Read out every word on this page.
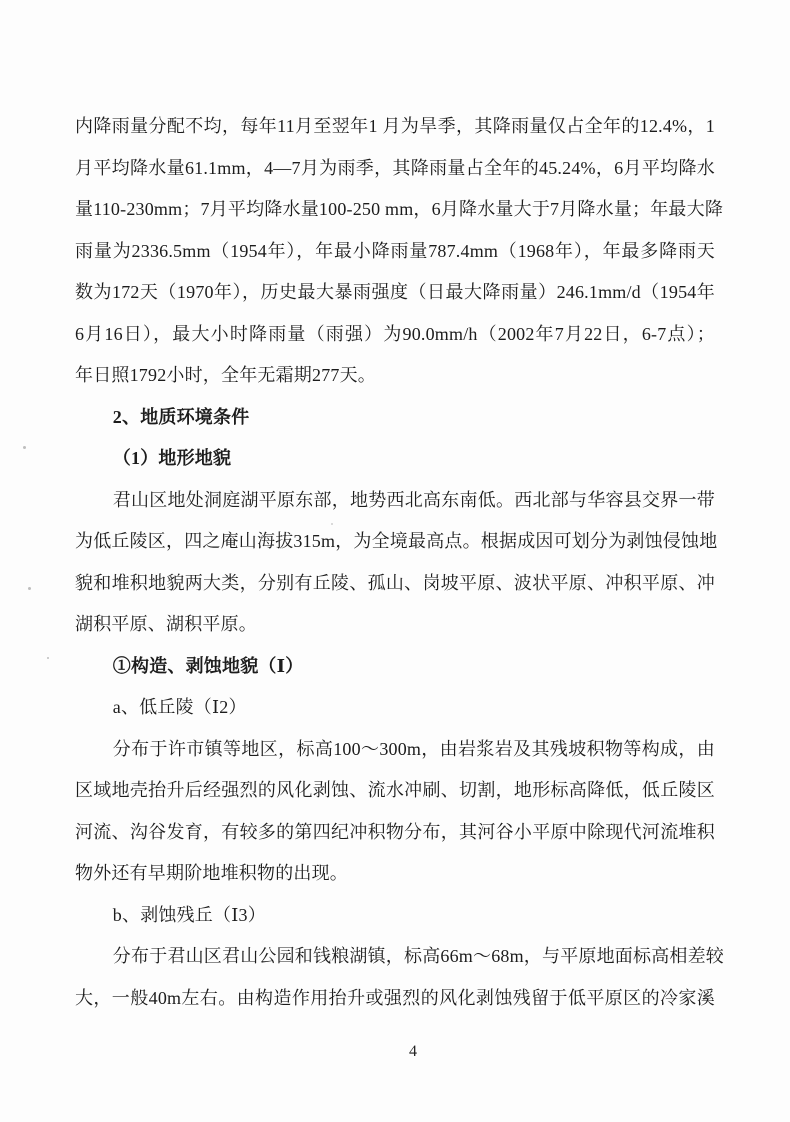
内降雨量分配不均，每年11月至翌年1 月为旱季，其降雨量仅占全年的12.4%，1
月平均降水量61.1mm，4—7月为雨季，其降雨量占全年的45.24%，6月平均降水
量110-230mm；7月平均降水量100-250 mm，6月降水量大于7月降水量；年最大降
雨量为2336.5mm（1954年），年最小降雨量787.4mm（1968年），年最多降雨天
数为172天（1970年），历史最大暴雨强度（日最大降雨量）246.1mm/d（1954年
6月16日），最大小时降雨量（雨强）为90.0mm/h（2002年7月22日，6-7点）；
年日照1792小时，全年无霜期277天。
2、地质环境条件
（1）地形地貌
君山区地处洞庭湖平原东部，地势西北高东南低。西北部与华容县交界一带
为低丘陵区，四之庵山海拔315m，为全境最高点。根据成因可划分为剥蚀侵蚀地
貌和堆积地貌两大类，分别有丘陵、孤山、岗坡平原、波状平原、冲积平原、冲
湖积平原、湖积平原。
①构造、剥蚀地貌（Ⅰ）
a、低丘陵（Ⅰ2）
分布于许市镇等地区，标高100～300m，由岩浆岩及其残坡积物等构成，由
区域地壳抬升后经强烈的风化剥蚀、流水冲刷、切割，地形标高降低，低丘陵区
河流、沟谷发育，有较多的第四纪冲积物分布，其河谷小平原中除现代河流堆积
物外还有早期阶地堆积物的出现。
b、剥蚀残丘（Ⅰ3）
分布于君山区君山公园和钱粮湖镇，标高66m～68m，与平原地面标高相差较
大，一般40m左右。由构造作用抬升或强烈的风化剥蚀残留于低平原区的冷家溪
4
